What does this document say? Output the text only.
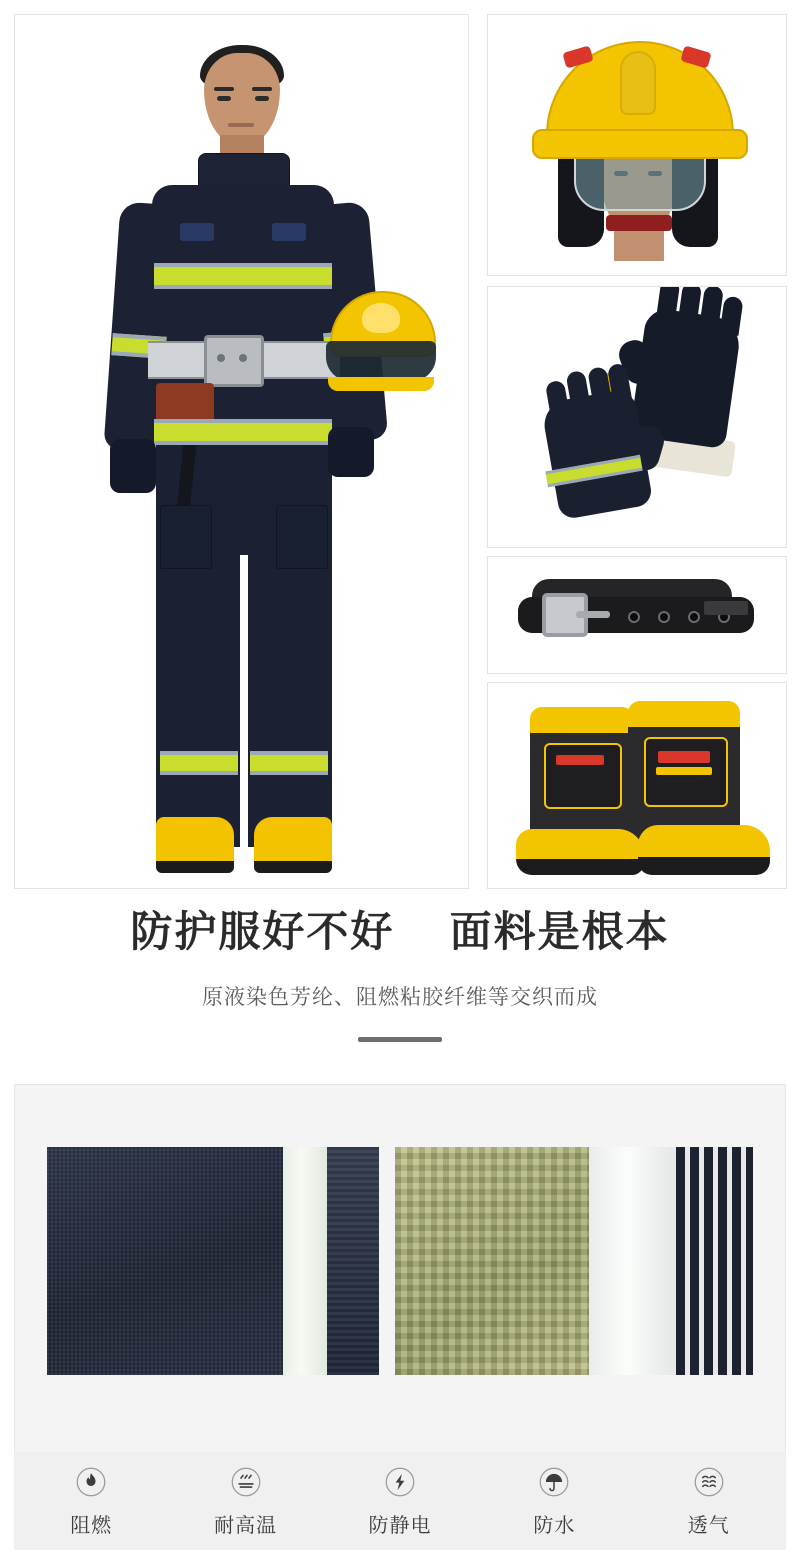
防护服好不好 面料是根本
原液染色芳纶、阻燃粘胶纤维等交织而成
阻燃	耐高温	防静电	防水	透气
